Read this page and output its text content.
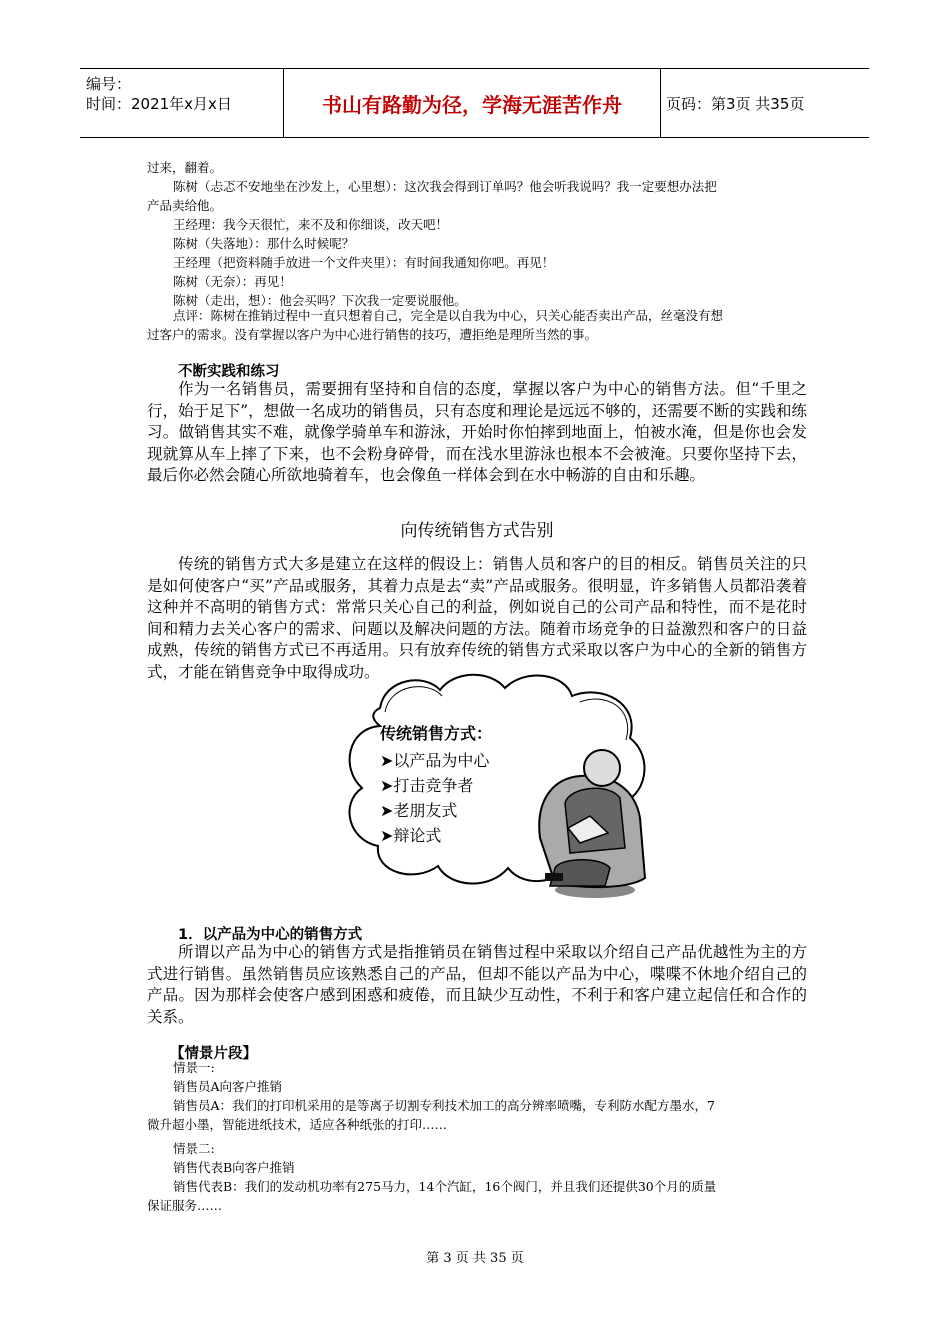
编号：
时间：2021年x月x日	书山有路勤为径，学海无涯苦作舟	页码：第3页 共35页
过来，翻着。
陈树（忐忑不安地坐在沙发上，心里想）：这次我会得到订单吗？他会听我说吗？我一定要想办法把
产品卖给他。
王经理：我今天很忙，来不及和你细谈，改天吧！
陈树（失落地）：那什么时候呢？
王经理（把资料随手放进一个文件夹里）：有时间我通知你吧。再见！
陈树（无奈）：再见！
陈树（走出，想）：他会买吗？下次我一定要说服他。
点评：陈树在推销过程中一直只想着自己，完全是以自我为中心，只关心能否卖出产品，丝毫没有想
过客户的需求。没有掌握以客户为中心进行销售的技巧，遭拒绝是理所当然的事。
不断实践和练习

作为一名销售员，需要拥有坚持和自信的态度，掌握以客户为中心的销售方法。但“千里之行，始于足下”，想做一名成功的销售员，只有态度和理论是远远不够的，还需要不断的实践和练习。做销售其实不难，就像学骑单车和游泳，开始时你怕摔到地面上，怕被水淹，但是你也会发现就算从车上摔了下来，也不会粉身碎骨，而在浅水里游泳也根本不会被淹。只要你坚持下去，最后你必然会随心所欲地骑着车，也会像鱼一样体会到在水中畅游的自由和乐趣。

向传统销售方式告别

传统的销售方式大多是建立在这样的假设上：销售人员和客户的目的相反。销售员关注的只是如何使客户“买”产品或服务，其着力点是去“卖”产品或服务。很明显，许多销售人员都沿袭着这种并不高明的销售方式：常常只关心自己的利益，例如说自己的公司产品和特性，而不是花时间和精力去关心客户的需求、问题以及解决问题的方法。随着市场竞争的日益激烈和客户的日益成熟，传统的销售方式已不再适用。只有放弃传统的销售方式采取以客户为中心的全新的销售方式，才能在销售竞争中取得成功。

传统销售方式：
➤以产品为中心
➤打击竞争者
➤老朋友式
➤辩论式
1．以产品为中心的销售方式

所谓以产品为中心的销售方式是指推销员在销售过程中采取以介绍自己产品优越性为主的方式进行销售。虽然销售员应该熟悉自己的产品，但却不能以产品为中心，喋喋不休地介绍自己的产品。因为那样会使客户感到困惑和疲倦，而且缺少互动性，不利于和客户建立起信任和合作的关系。

【情景片段】
情景一:
销售员A向客户推销
销售员A：我们的打印机采用的是等离子切割专利技术加工的高分辨率喷嘴，专利防水配方墨水，7
微升超小墨，智能进纸技术，适应各种纸张的打印……
情景二:
销售代表B向客户推销
销售代表B：我们的发动机功率有275马力，14个汽缸，16个阀门，并且我们还提供30个月的质量
保证服务……
第 3 页 共 35 页
